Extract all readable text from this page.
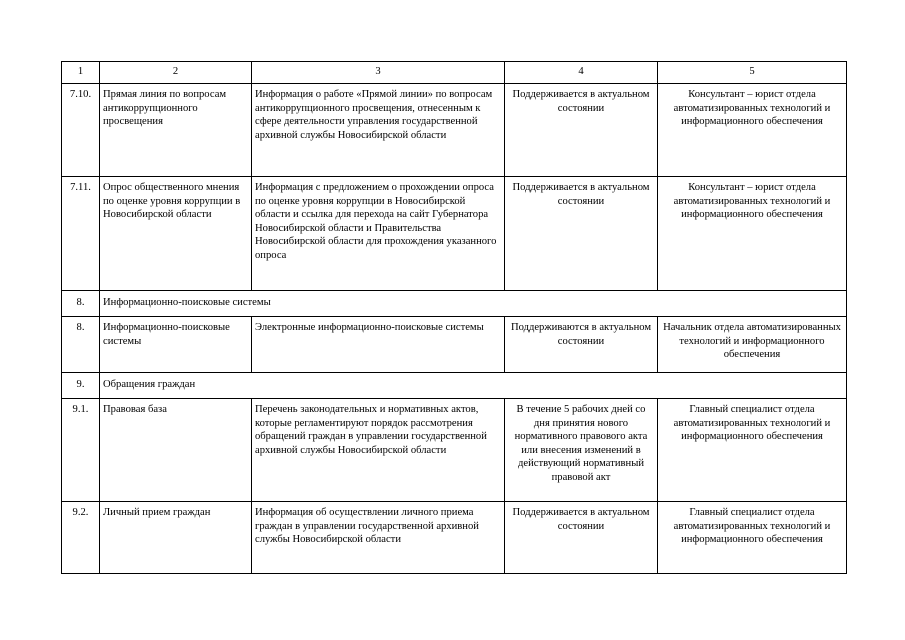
1	2	3	4	5
7.10.	Прямая линия по вопросам антикоррупционного просвещения	Информация о работе «Прямой линии» по вопросам антикоррупционного просвещения, отнесенным к сфере деятельности управления государственной архивной службы Новосибирской области	Поддерживается в актуальном состоянии	Консультант – юрист отдела автоматизированных технологий и информационного обеспечения
7.11.	Опрос общественного мнения по оценке уровня коррупции в Новосибирской области	Информация с предложением о прохождении опроса по оценке уровня коррупции в Новосибирской области и ссылка для перехода на сайт Губернатора Новосибирской области и Правительства Новосибирской области для прохождения указанного опроса	Поддерживается в актуальном состоянии	Консультант – юрист отдела автоматизированных технологий и информационного обеспечения
8.	Информационно-поисковые системы			
8.	Информационно-поисковые системы	Электронные информационно-поисковые системы	Поддерживаются в актуальном состоянии	Начальник отдела автоматизированных технологий и информационного обеспечения
9.	Обращения граждан			
9.1.	Правовая база	Перечень законодательных и нормативных актов, которые регламентируют порядок рассмотрения обращений граждан в управлении государственной архивной службы Новосибирской области	В течение 5 рабочих дней со дня принятия нового нормативного правового акта или внесения изменений в действующий нормативный правовой акт	Главный специалист отдела автоматизированных технологий и информационного обеспечения
9.2.	Личный прием граждан	Информация об осуществлении личного приема граждан в управлении государственной архивной службы Новосибирской области	Поддерживается в актуальном состоянии	Главный специалист отдела автоматизированных технологий и информационного обеспечения
